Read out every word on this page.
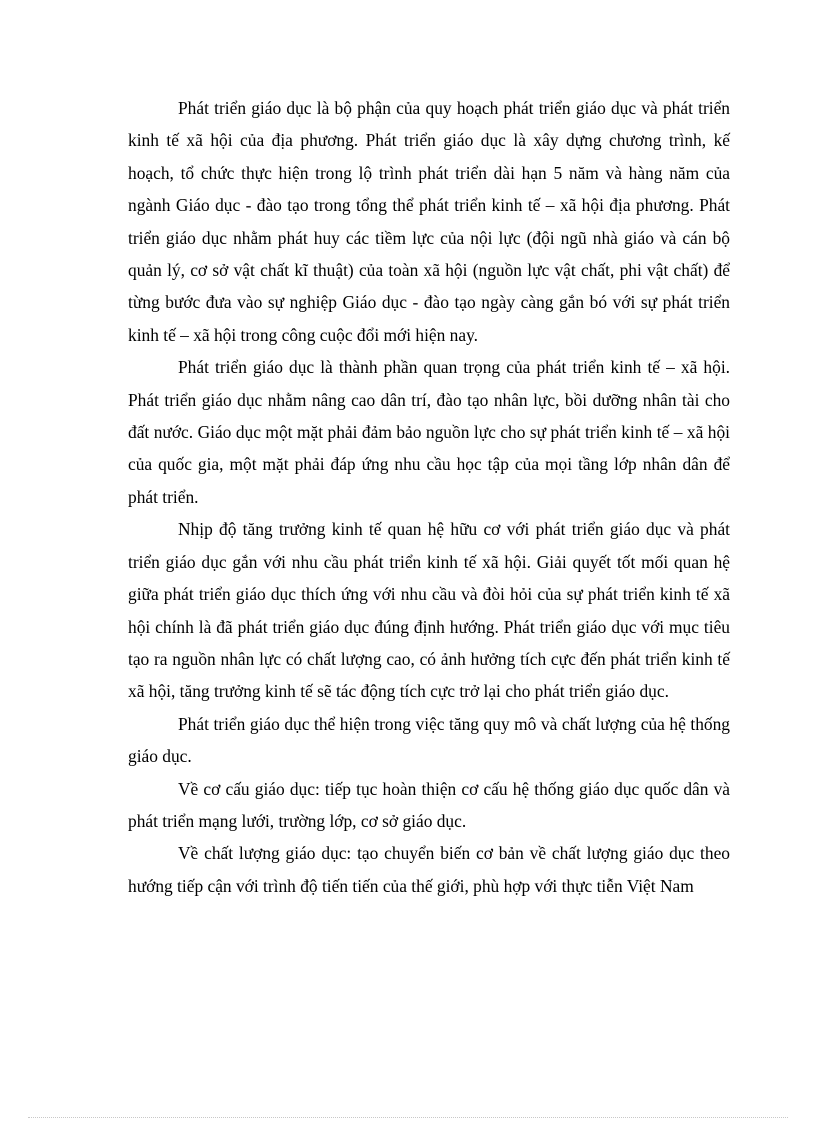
Phát triển giáo dục là bộ phận của quy hoạch phát triển giáo dục và phát triển kinh tế xã hội của địa phương. Phát triển giáo dục là xây dựng chương trình, kế hoạch, tổ chức thực hiện trong lộ trình phát triển dài hạn 5 năm và hàng năm của ngành Giáo dục - đào tạo trong tổng thể phát triển kinh tế – xã hội địa phương. Phát triển giáo dục nhằm phát huy các tiềm lực của nội lực (đội ngũ nhà giáo và cán bộ quản lý, cơ sở vật chất kĩ thuật) của toàn xã hội (nguồn lực vật chất, phi vật chất) để từng bước đưa vào sự nghiệp Giáo dục - đào tạo ngày càng gắn bó với sự phát triển kinh tế – xã hội trong công cuộc đổi mới hiện nay.

Phát triển giáo dục là thành phần quan trọng của phát triển kinh tế – xã hội. Phát triển giáo dục nhằm nâng cao dân trí, đào tạo nhân lực, bồi dưỡng nhân tài cho đất nước. Giáo dục một mặt phải đảm bảo nguồn lực cho sự phát triển kinh tế – xã hội của quốc gia, một mặt phải đáp ứng nhu cầu học tập của mọi tầng lớp nhân dân để phát triển.

Nhịp độ tăng trưởng kinh tế quan hệ hữu cơ với phát triển giáo dục và phát triển giáo dục gắn với nhu cầu phát triển kinh tế xã hội. Giải quyết tốt mối quan hệ giữa phát triển giáo dục thích ứng với nhu cầu và đòi hỏi của sự phát triển kinh tế xã hội chính là đã phát triển giáo dục đúng định hướng. Phát triển giáo dục với mục tiêu tạo ra nguồn nhân lực có chất lượng cao, có ảnh hưởng tích cực đến phát triển kinh tế xã hội, tăng trưởng kinh tế sẽ tác động tích cực trở lại cho phát triển giáo dục.

Phát triển giáo dục thể hiện trong việc tăng quy mô và chất lượng của hệ thống giáo dục.

Về cơ cấu giáo dục: tiếp tục hoàn thiện cơ cấu hệ thống giáo dục quốc dân và phát triển mạng lưới, trường lớp, cơ sở giáo dục.

Về chất lượng giáo dục: tạo chuyển biến cơ bản về chất lượng giáo dục theo hướng tiếp cận với trình độ tiến tiến của thế giới, phù hợp với thực tiễn Việt Nam
